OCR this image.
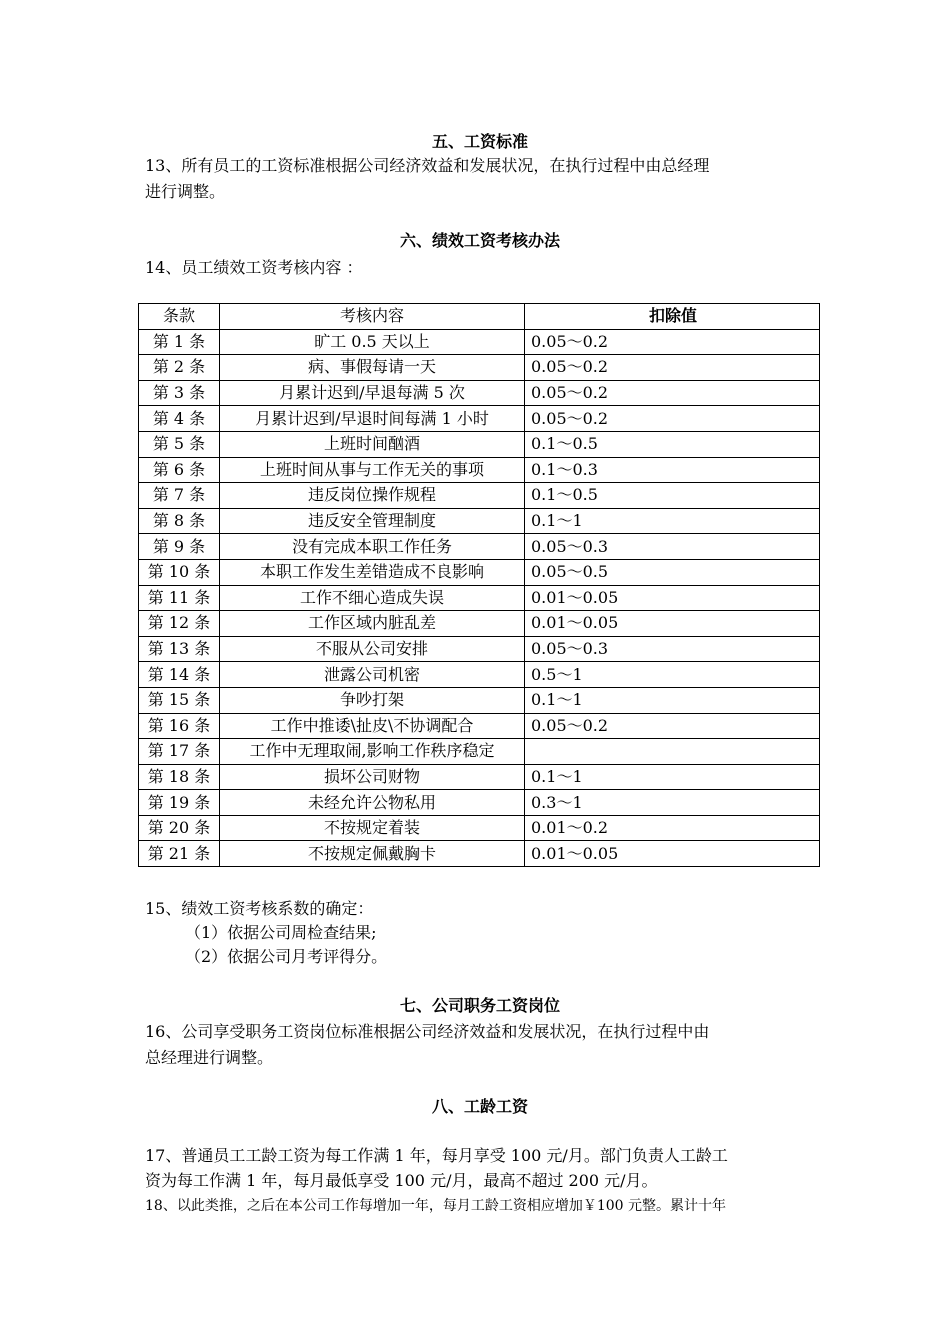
五、工资标准
13、所有员工的工资标准根据公司经济效益和发展状况，在执行过程中由总经理
进行调整。
六、绩效工资考核办法
14、员工绩效工资考核内容 ：
条款	考核内容	扣除值
第 1 条	旷工 0.5 天以上	0.05～0.2
第 2 条	病、事假每请一天	0.05～0.2
第 3 条	月累计迟到/早退每满 5 次	0.05～0.2
第 4 条	月累计迟到/早退时间每满 1 小时	0.05～0.2
第 5 条	上班时间酗酒	0.1～0.5
第 6 条	上班时间从事与工作无关的事项	0.1～0.3
第 7 条	违反岗位操作规程	0.1～0.5
第 8 条	违反安全管理制度	0.1～1
第 9 条	没有完成本职工作任务	0.05～0.3
第 10 条	本职工作发生差错造成不良影响	0.05～0.5
第 11 条	工作不细心造成失误	0.01～0.05
第 12 条	工作区域内脏乱差	0.01～0.05
第 13 条	不服从公司安排	0.05～0.3
第 14 条	泄露公司机密	0.5～1
第 15 条	争吵打架	0.1～1
第 16 条	工作中推诿\扯皮\不协调配合	0.05～0.2
第 17 条	工作中无理取闹,影响工作秩序稳定	
第 18 条	损坏公司财物	0.1～1
第 19 条	未经允许公物私用	0.3～1
第 20 条	不按规定着装	0.01～0.2
第 21 条	不按规定佩戴胸卡	0.01～0.05
15、绩效工资考核系数的确定：
（1）依据公司周检查结果;
（2）依据公司月考评得分。
七、公司职务工资岗位
16、公司享受职务工资岗位标准根据公司经济效益和发展状况，在执行过程中由
总经理进行调整。
八、工龄工资
17、普通员工工龄工资为每工作满 1 年，每月享受 100 元/月。部门负责人工龄工
资为每工作满 1 年，每月最低享受 100 元/月，最高不超过 200 元/月。
18、以此类推，之后在本公司工作每增加一年，每月工龄工资相应增加￥100 元整。累计十年
